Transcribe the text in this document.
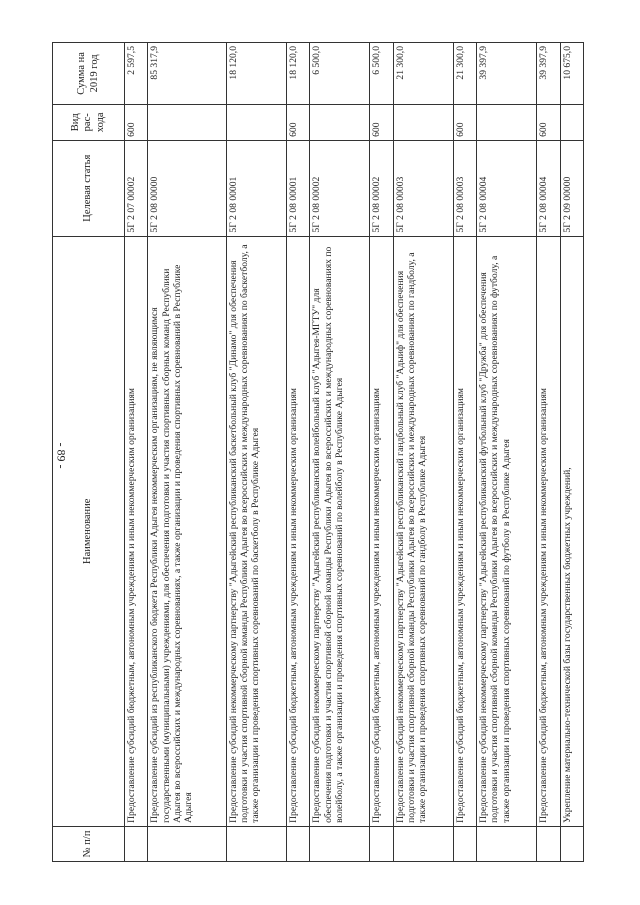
- 89 -
№ п/п	Наименование	Целевая статья	Вид рас-хода	Сумма на 2019 год
	Предоставление субсидий бюджетным, автономным учреждениям и иным некоммерческим организациям	5Г 2 07 00002	600	2 597,5
	Предоставление субсидий из республиканского бюджета Республики Адыгея некоммерческим организациям, не являющимся государственными (муниципальными) учреждениями, для обеспечения подготовки и участия спортивных сборных команд Республики Адыгея во всероссийских и международных соревнованиях, а также организации и проведения спортивных соревнований в Республике Адыгея	5Г 2 08 00000		85 317,9
	Предоставление субсидий некоммерческому партнерству "Адыгейский республиканский баскетбольный клуб "Динамо" для обеспечения подготовки и участия спортивной сборной команды Республики Адыгея во всероссийских и международных соревнованиях по баскетболу, а также организации и проведения спортивных соревнований по баскетболу в Республике Адыгея	5Г 2 08 00001		18 120,0
	Предоставление субсидий бюджетным, автономным учреждениям и иным некоммерческим организациям	5Г 2 08 00001	600	18 120,0
	Предоставление субсидий некоммерческому партнерству "Адыгейский республиканский волейбольный клуб "Адыгея-МГТУ" для обеспечения подготовки и участия спортивной сборной команды Республики Адыгея во всероссийских и международных соревнованиях по волейболу, а также организации и проведения спортивных соревнований по волейболу в Республике Адыгея	5Г 2 08 00002		6 500,0
	Предоставление субсидий бюджетным, автономным учреждениям и иным некоммерческим организациям	5Г 2 08 00002	600	6 500,0
	Предоставление субсидий некоммерческому партнерству "Адыгейский республиканский гандбольный клуб "Адыиф" для обеспечения подготовки и участия спортивной сборной команды Республики Адыгея во всероссийских и международных соревнованиях по гандболу, а также организации и проведения спортивных соревнований по гандболу в Республике Адыгея	5Г 2 08 00003		21 300,0
	Предоставление субсидий бюджетным, автономным учреждениям и иным некоммерческим организациям	5Г 2 08 00003	600	21 300,0
	Предоставление субсидий некоммерческому партнерству "Адыгейский республиканский футбольный клуб "Дружба" для обеспечения подготовки и участия спортивной сборной команды Республики Адыгея во всероссийских и международных соревнованиях по футболу, а также организации и проведения спортивных соревнований по футболу в Республике Адыгея	5Г 2 08 00004		39 397,9
	Предоставление субсидий бюджетным, автономным учреждениям и иным некоммерческим организациям	5Г 2 08 00004	600	39 397,9
	Укрепление материально-технической базы государственных бюджетных учреждений,	5Г 2 09 00000		10 675,0
